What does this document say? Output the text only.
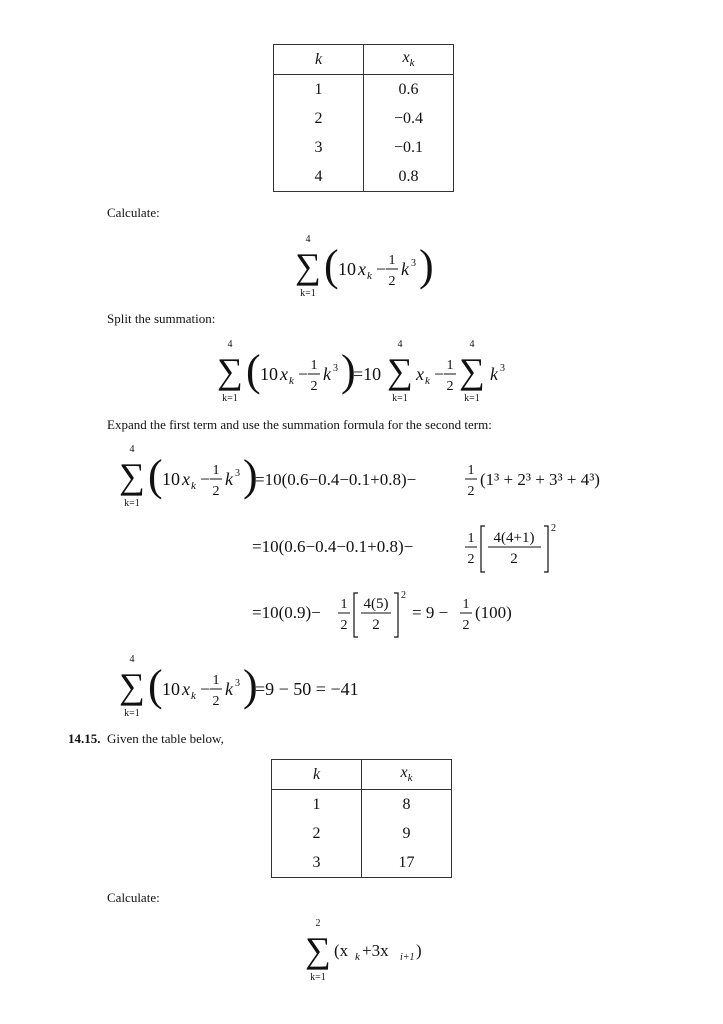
k	$x_k$
1	0.6
2	−0.4
3	−0.1
4	0.8
Calculate:
4
∑
k=1
( 10 x k − 1
2
k 3 )
Split the summation:
4
∑
k=1
( 10 x k − 1
2
k 3 )
=10
4
∑
k=1
x k − 1
2
4
∑
k=1
k 3
Expand the first term and use the summation formula for the second term:
4
∑
k=1
( 10 x k − 1
2
k 3 )
=10(0.6−0.4−0.1+0.8)−	1
2
(1³ + 2³ + 3³ + 4³)
=10(0.6−0.4−0.1+0.8)−	1
2
4(4+1)
2
2
=10(0.9)− 1
2
4(5)
2
2
= 9 − 1
2
(100)
4
∑
k=1
( 10 x k − 1
2
k 3 )
=9 − 50 = −41
14.15. Given the table below,
k	$x_k$
1	8
2	9
3	17
Calculate:
2
∑
k=1
(x k +3x i+1 )
